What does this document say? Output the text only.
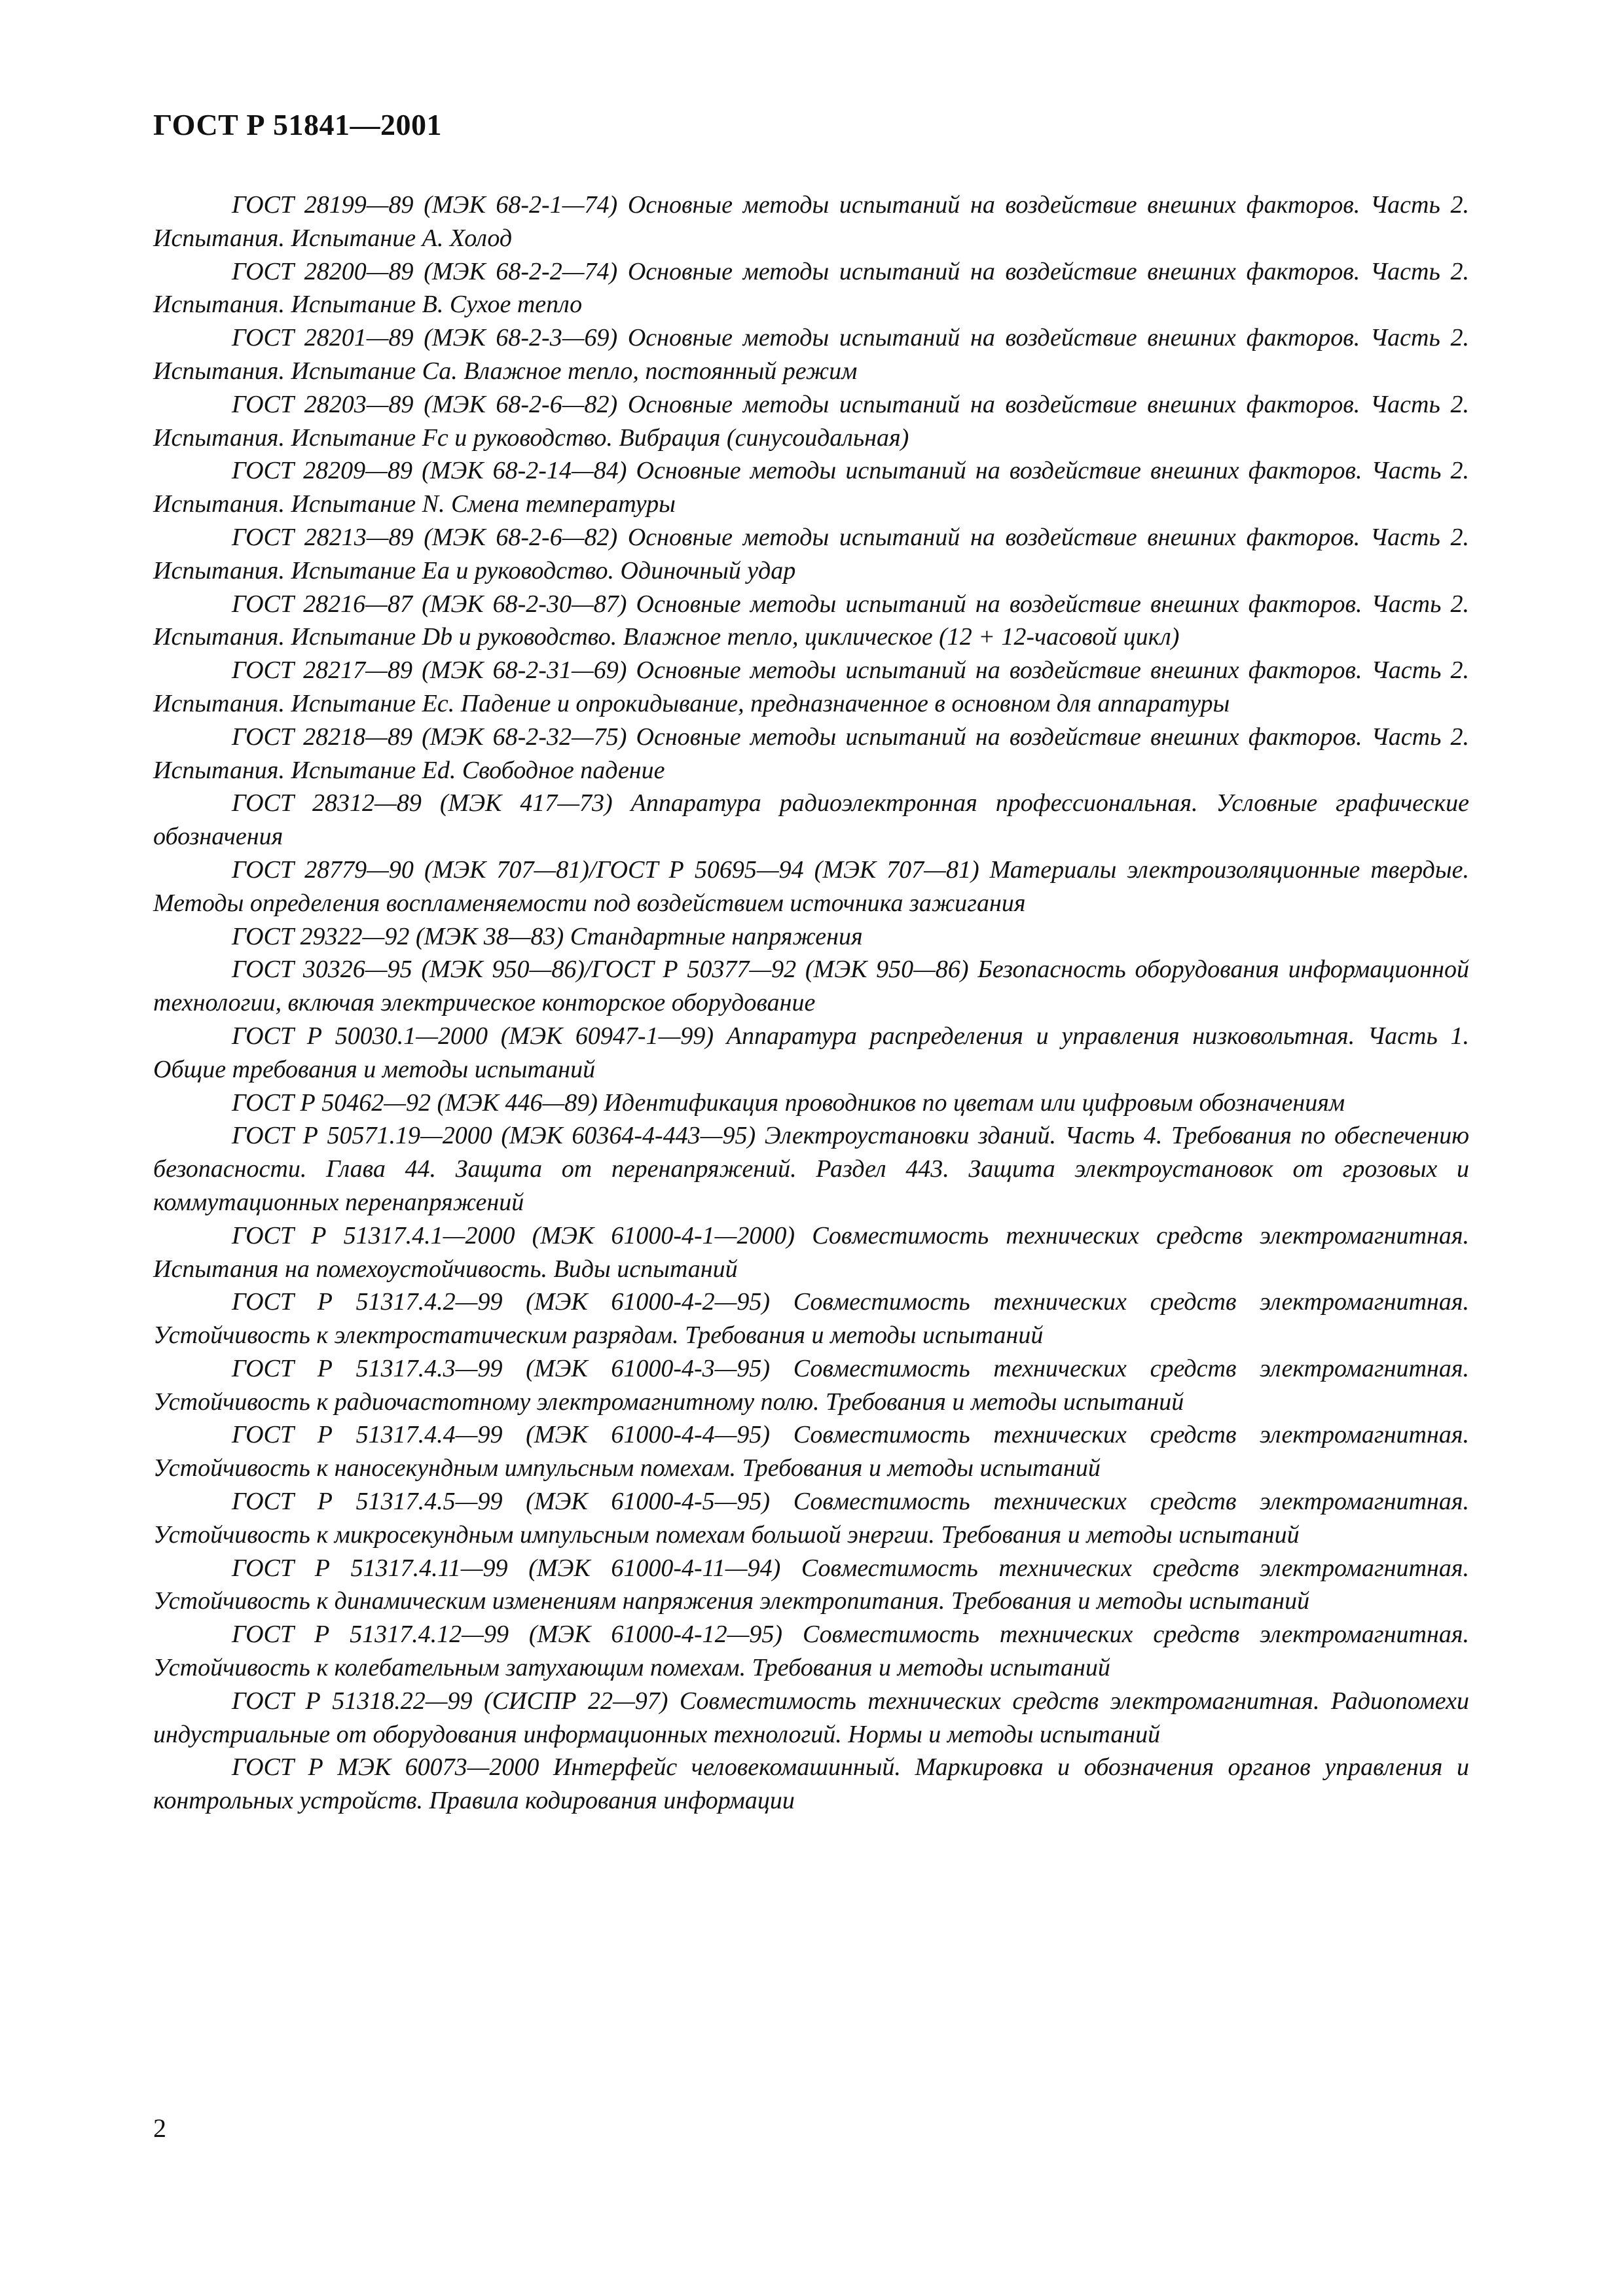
ГОСТ Р 51841—2001
ГОСТ 28199—89 (МЭК 68-2-1—74) Основные методы испытаний на воздействие внешних факторов. Часть 2. Испытания. Испытание А. Холод
ГОСТ 28200—89 (МЭК 68-2-2—74) Основные методы испытаний на воздействие внешних факторов. Часть 2. Испытания. Испытание В. Сухое тепло
ГОСТ 28201—89 (МЭК 68-2-3—69) Основные методы испытаний на воздействие внешних факторов. Часть 2. Испытания. Испытание Са. Влажное тепло, постоянный режим
ГОСТ 28203—89 (МЭК 68-2-6—82) Основные методы испытаний на воздействие внешних факторов. Часть 2. Испытания. Испытание Fc и руководство. Вибрация (синусоидальная)
ГОСТ 28209—89 (МЭК 68-2-14—84) Основные методы испытаний на воздействие внешних факторов. Часть 2. Испытания. Испытание N. Смена температуры
ГОСТ 28213—89 (МЭК 68-2-6—82) Основные методы испытаний на воздействие внешних факторов. Часть 2. Испытания. Испытание Еа и руководство. Одиночный удар
ГОСТ 28216—87 (МЭК 68-2-30—87) Основные методы испытаний на воздействие внешних факторов. Часть 2. Испытания. Испытание Db и руководство. Влажное тепло, циклическое (12 + 12-часовой цикл)
ГОСТ 28217—89 (МЭК 68-2-31—69) Основные методы испытаний на воздействие внешних факторов. Часть 2. Испытания. Испытание Ес. Падение и опрокидывание, предназначенное в основном для аппаратуры
ГОСТ 28218—89 (МЭК 68-2-32—75) Основные методы испытаний на воздействие внешних факторов. Часть 2. Испытания. Испытание Ed. Свободное падение
ГОСТ 28312—89 (МЭК 417—73) Аппаратура радиоэлектронная профессиональная. Условные графические обозначения
ГОСТ 28779—90 (МЭК 707—81)/ГОСТ Р 50695—94 (МЭК 707—81) Материалы электроизоляционные твердые. Методы определения воспламеняемости под воздействием источника зажигания
ГОСТ 29322—92 (МЭК 38—83) Стандартные напряжения
ГОСТ 30326—95 (МЭК 950—86)/ГОСТ Р 50377—92 (МЭК 950—86) Безопасность оборудования информационной технологии, включая электрическое конторское оборудование
ГОСТ Р 50030.1—2000 (МЭК 60947-1—99) Аппаратура распределения и управления низковольтная. Часть 1. Общие требования и методы испытаний
ГОСТ Р 50462—92 (МЭК 446—89) Идентификация проводников по цветам или цифровым обозначениям
ГОСТ Р 50571.19—2000 (МЭК 60364-4-443—95) Электроустановки зданий. Часть 4. Требования по обеспечению безопасности. Глава 44. Защита от перенапряжений. Раздел 443. Защита электроустановок от грозовых и коммутационных перенапряжений
ГОСТ Р 51317.4.1—2000 (МЭК 61000-4-1—2000) Совместимость технических средств электромагнитная. Испытания на помехоустойчивость. Виды испытаний
ГОСТ Р 51317.4.2—99 (МЭК 61000-4-2—95) Совместимость технических средств электромагнитная. Устойчивость к электростатическим разрядам. Требования и методы испытаний
ГОСТ Р 51317.4.3—99 (МЭК 61000-4-3—95) Совместимость технических средств электромагнитная. Устойчивость к радиочастотному электромагнитному полю. Требования и методы испытаний
ГОСТ Р 51317.4.4—99 (МЭК 61000-4-4—95) Совместимость технических средств электромагнитная. Устойчивость к наносекундным импульсным помехам. Требования и методы испытаний
ГОСТ Р 51317.4.5—99 (МЭК 61000-4-5—95) Совместимость технических средств электромагнитная. Устойчивость к микросекундным импульсным помехам большой энергии. Требования и методы испытаний
ГОСТ Р 51317.4.11—99 (МЭК 61000-4-11—94) Совместимость технических средств электромагнитная. Устойчивость к динамическим изменениям напряжения электропитания. Требования и методы испытаний
ГОСТ Р 51317.4.12—99 (МЭК 61000-4-12—95) Совместимость технических средств электромагнитная. Устойчивость к колебательным затухающим помехам. Требования и методы испытаний
ГОСТ Р 51318.22—99 (СИСПР 22—97) Совместимость технических средств электромагнитная. Радиопомехи индустриальные от оборудования информационных технологий. Нормы и методы испытаний
ГОСТ Р МЭК 60073—2000 Интерфейс человекомашинный. Маркировка и обозначения органов управления и контрольных устройств. Правила кодирования информации
2
